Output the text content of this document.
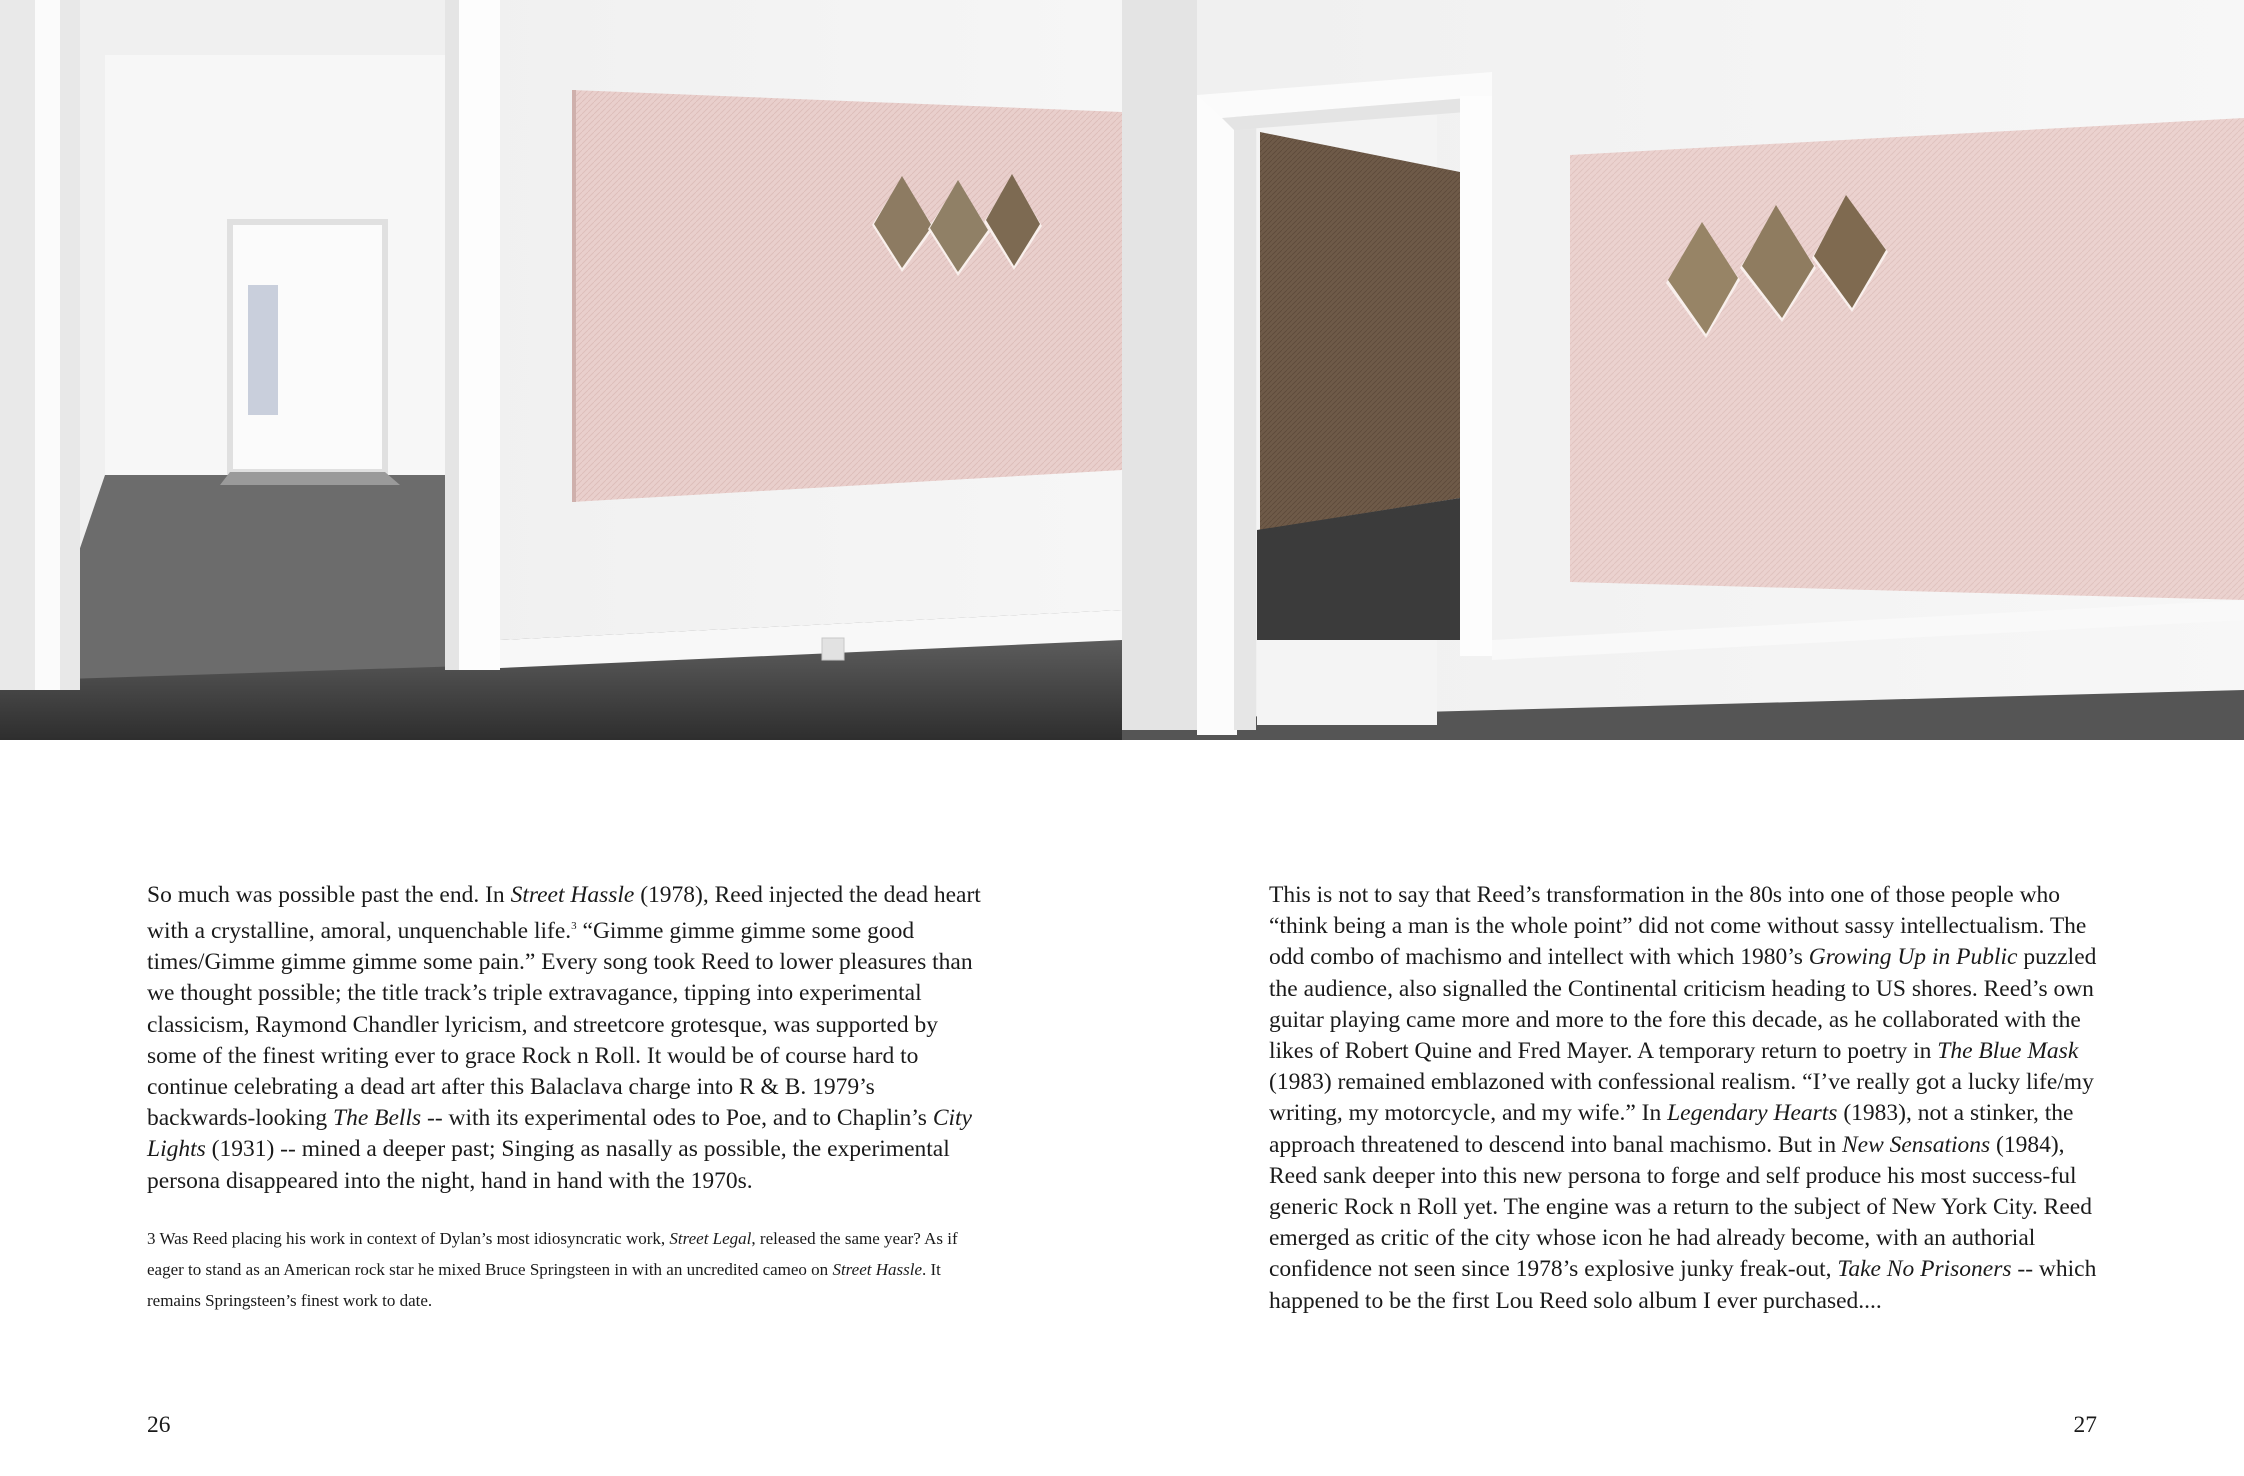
So much was possible past the end. In Street Hassle (1978), Reed injected the dead heart with a crystalline, amoral, unquenchable life.$^3$ “Gimme gimme gimme some good times/Gimme gimme gimme some pain.” Every song took Reed to lower pleasures than we thought possible; the title track’s triple extravagance, tipping into experimental classicism, Raymond Chandler lyricism, and streetcore grotesque, was supported by some of the finest writing ever to grace Rock n Roll. It would be of course hard to continue celebrating a dead art after this Balaclava charge into R & B. 1979’s backwards-looking The Bells -- with its experimental odes to Poe, and to Chaplin’s City Lights (1931) -- mined a deeper past; Singing as nasally as possible, the experimental persona disappeared into the night, hand in hand with the 1970s.

3 Was Reed placing his work in context of Dylan’s most idiosyncratic work, Street Legal, released the same year? As if eager to stand as an American rock star he mixed Bruce Springsteen in with an uncredited cameo on Street Hassle. It remains Springsteen’s finest work to date.

This is not to say that Reed’s transformation in the 80s into one of those people who “think being a man is the whole point” did not come without sassy intellectualism. The odd combo of machismo and intellect with which 1980’s Growing Up in Public puzzled the audience, also signalled the Continental criticism heading to US shores. Reed’s own guitar playing came more and more to the fore this decade, as he collaborated with the likes of Robert Quine and Fred Mayer. A temporary return to poetry in The Blue Mask (1983) remained emblazoned with confessional realism. “I’ve really got a lucky life/my writing, my motorcycle, and my wife.” In Legendary Hearts (1983), not a stinker, the approach threatened to descend into banal machismo. But in New Sensations (1984), Reed sank deeper into this new persona to forge and self produce his most success-ful generic Rock n Roll yet. The engine was a return to the subject of New York City. Reed emerged as critic of the city whose icon he had already become, with an authorial confidence not seen since 1978’s explosive junky freak-out, Take No Prisoners -- which happened to be the first Lou Reed solo album I ever purchased....

26	27
